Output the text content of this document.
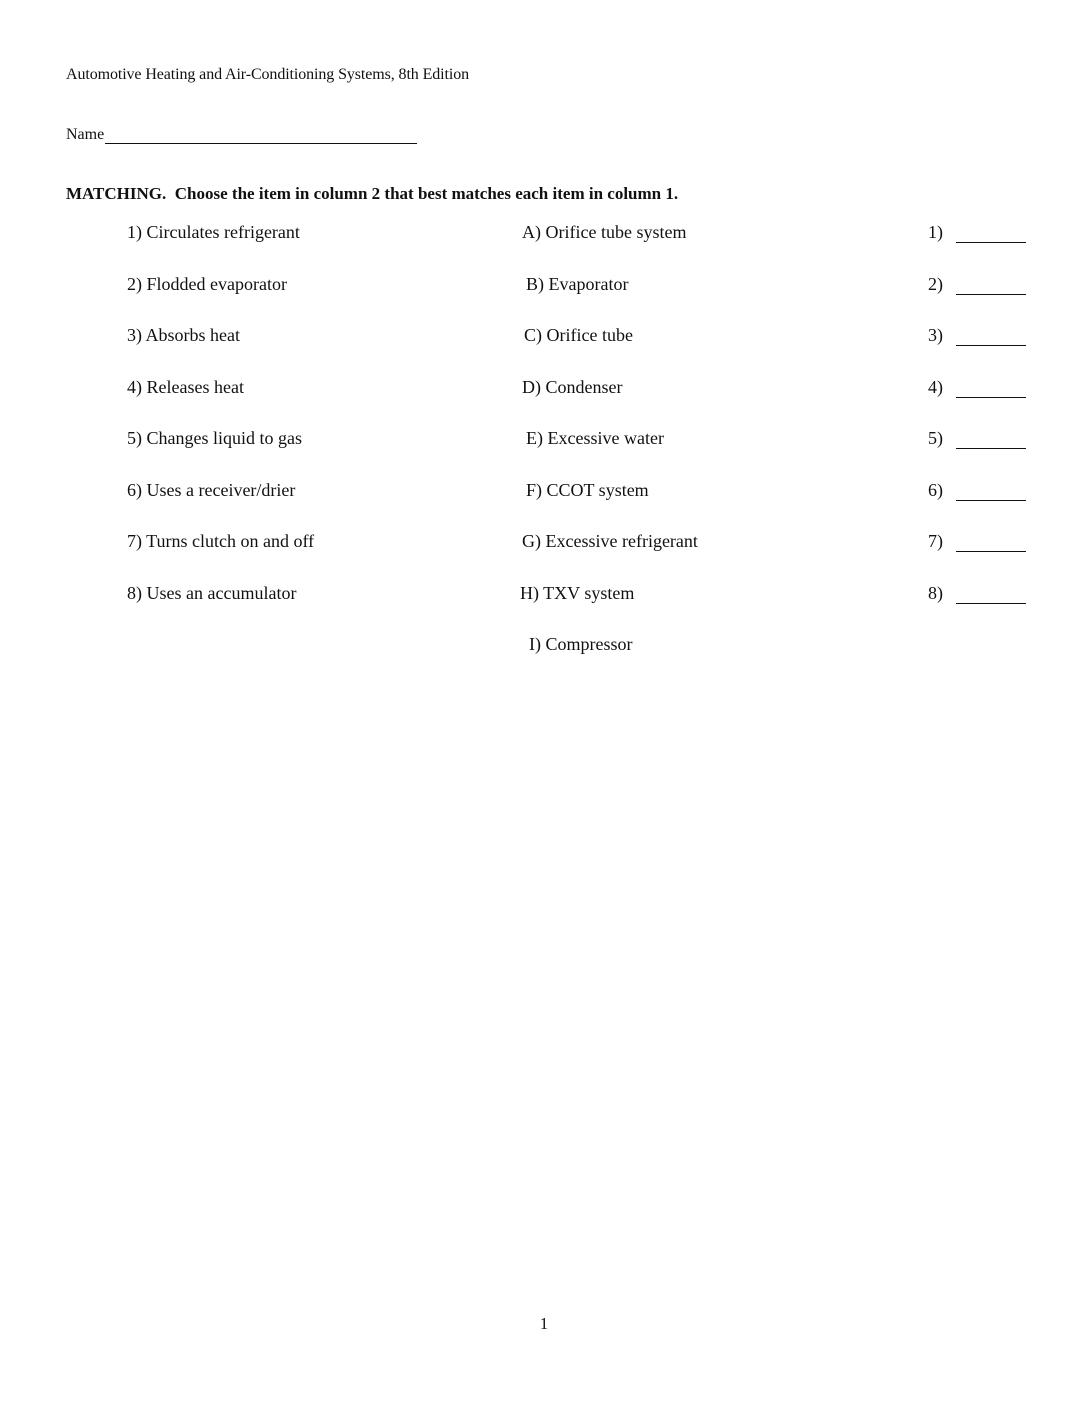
Automotive Heating and Air-Conditioning Systems, 8th Edition
Name
MATCHING.  Choose the item in column 2 that best matches each item in column 1.
1) Circulates refrigerant	A) Orifice tube system	1)
2) Flodded evaporator	B) Evaporator	2)
3) Absorbs heat	C) Orifice tube	3)
4) Releases heat	D) Condenser	4)
5) Changes liquid to gas	E) Excessive water	5)
6) Uses a receiver/drier	F) CCOT system	6)
7) Turns clutch on and off	G) Excessive refrigerant	7)
8) Uses an accumulator	H) TXV system	8)
I) Compressor
1
